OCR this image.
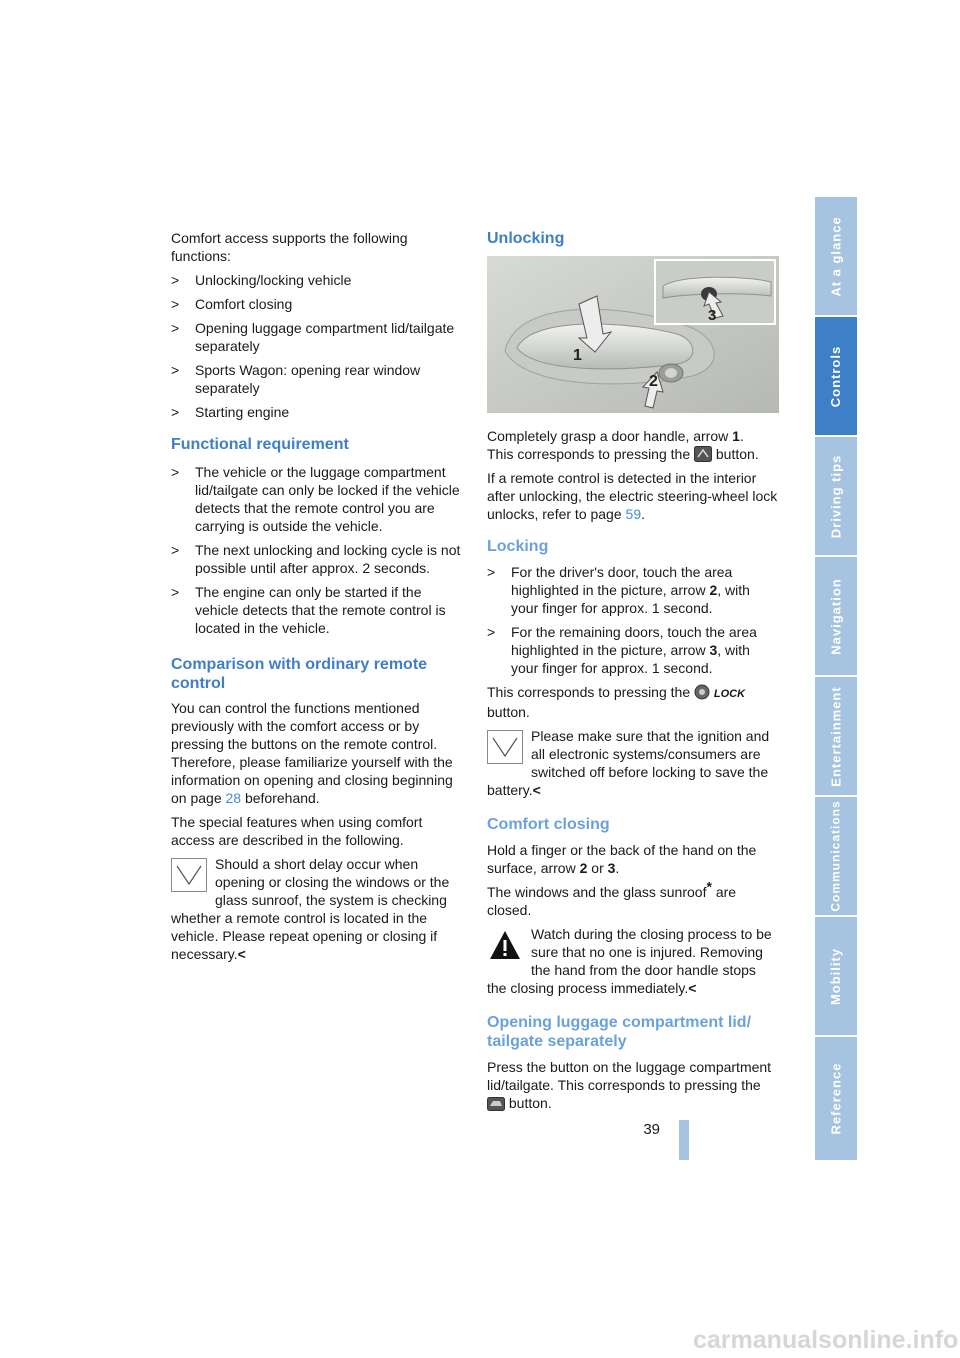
Comfort access supports the following functions:

> Unlocking/locking vehicle
> Comfort closing
> Opening luggage compartment lid/tailgate separately
> Sports Wagon: opening rear window separately
> Starting engine
Functional requirement
> The vehicle or the luggage compartment lid/tailgate can only be locked if the vehicle detects that the remote control you are carrying is outside the vehicle.
> The next unlocking and locking cycle is not possible until after approx. 2 seconds.
> The engine can only be started if the vehicle detects that the remote control is located in the vehicle.
Comparison with ordinary remote control

You can control the functions mentioned previously with the comfort access or by pressing the buttons on the remote control. Therefore, please familiarize yourself with the information on opening and closing beginning on page 28 beforehand.

The special features when using comfort access are described in the following.

Should a short delay occur when opening or closing the windows or the glass sunroof, the system is checking whether a remote control is located in the vehicle. Please repeat opening or closing if necessary.<
Unlocking
1
2
3

Completely grasp a door handle, arrow 1.
This corresponds to pressing the button.

If a remote control is detected in the interior after unlocking, the electric steering-wheel lock unlocks, refer to page 59.

Locking
> For the driver's door, touch the area highlighted in the picture, arrow 2, with your finger for approx. 1 second.
> For the remaining doors, touch the area highlighted in the picture, arrow 3, with your finger for approx. 1 second.

This corresponds to pressing the LOCK button.

Please make sure that the ignition and all electronic systems/consumers are switched off before locking to save the battery.<
Comfort closing

Hold a finger or the back of the hand on the surface, arrow 2 or 3.

The windows and the glass sunroof* are closed.

Watch during the closing process to be sure that no one is injured. Removing the hand from the door handle stops the closing process immediately.<
Opening luggage compartment lid/ tailgate separately

Press the button on the luggage compartment lid/tailgate. This corresponds to pressing the
button.

At a glance
Controls
Driving tips
Navigation
Entertainment
Communications
Mobility
Reference
39
carmanualsonline.info
